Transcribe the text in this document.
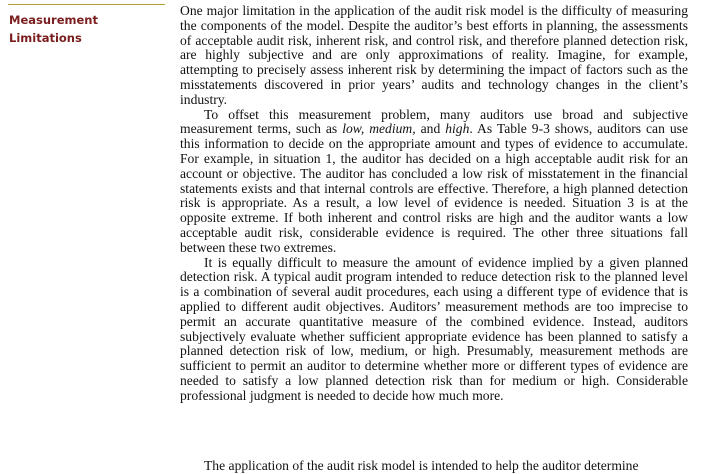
Measurement
Limitations

One major limitation in the application of the audit risk model is the difficulty of measuring the components of the model. Despite the auditor’s best efforts in planning, the assessments of acceptable audit risk, inherent risk, and control risk, and therefore planned detection risk, are highly subjective and are only approximations of reality. Imagine, for example, attempting to precisely assess inherent risk by determining the impact of factors such as the misstatements discovered in prior years’ audits and technology changes in the client’s industry.

To offset this measurement problem, many auditors use broad and subjective measurement terms, such as low, medium, and high. As Table 9-3 shows, auditors can use this information to decide on the appropriate amount and types of evidence to accumulate. For example, in situation 1, the auditor has decided on a high acceptable audit risk for an account or objective. The auditor has concluded a low risk of misstatement in the financial statements exists and that internal controls are effective. Therefore, a high planned detection risk is appropriate. As a result, a low level of evidence is needed. Situation 3 is at the opposite extreme. If both inherent and control risks are high and the auditor wants a low acceptable audit risk, considerable evidence is required. The other three situations fall between these two extremes.

It is equally difficult to measure the amount of evidence implied by a given planned detection risk. A typical audit program intended to reduce detection risk to the planned level is a combination of several audit procedures, each using a different type of evidence that is applied to different audit objectives. Auditors’ measurement methods are too imprecise to permit an accurate quantitative measure of the combined evidence. Instead, auditors subjectively evaluate whether sufficient appropriate evidence has been planned to satisfy a planned detection risk of low, medium, or high. Presumably, measurement methods are sufficient to permit an auditor to determine whether more or different types of evidence are needed to satisfy a low planned detection risk than for medium or high. Considerable professional judgment is needed to decide how much more.

The application of the audit risk model is intended to help the auditor determine
